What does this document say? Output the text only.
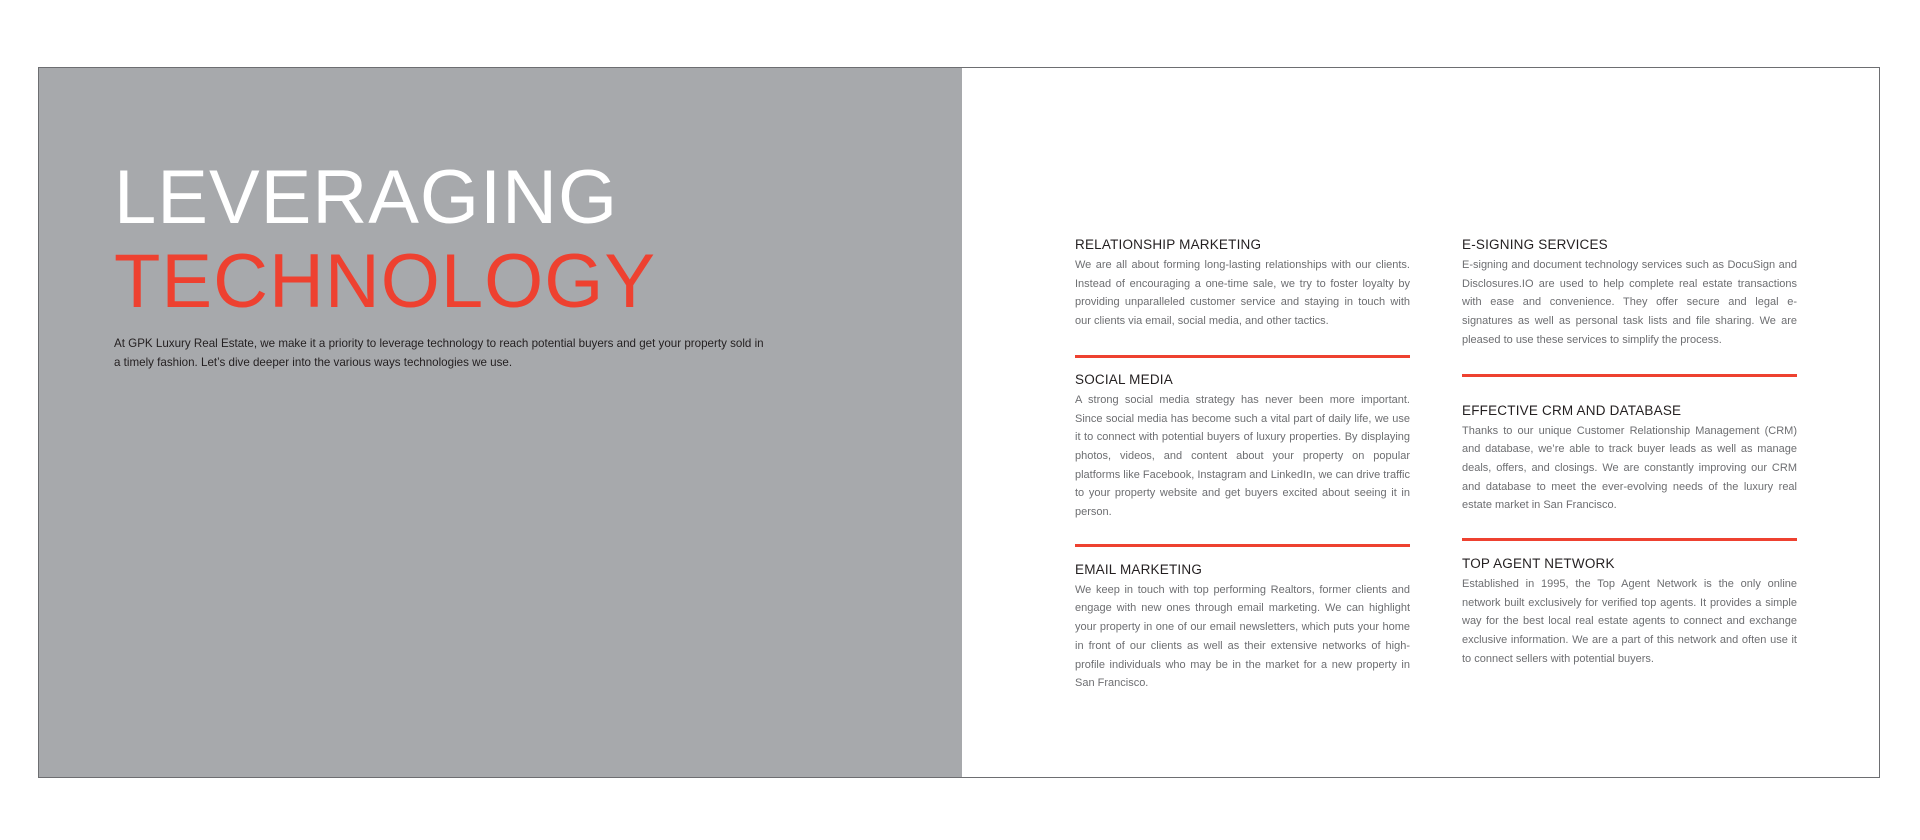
LEVERAGING
TECHNOLOGY

At GPK Luxury Real Estate, we make it a priority to leverage technology to reach potential buyers and get your property sold in a timely fashion. Let’s dive deeper into the various ways technologies we use.

RELATIONSHIP MARKETING

We are all about forming long-lasting relationships with our clients. Instead of encouraging a one-time sale, we try to foster loyalty by providing unparalleled customer service and staying in touch with our clients via email, social media, and other tactics.

SOCIAL MEDIA

A strong social media strategy has never been more important. Since social media has become such a vital part of daily life, we use it to connect with potential buyers of luxury properties. By displaying photos, videos, and content about your property on popular platforms like Facebook, Instagram and LinkedIn, we can drive traffic to your property website and get buyers excited about seeing it in person.

EMAIL MARKETING

We keep in touch with top performing Realtors, former clients and engage with new ones through email marketing. We can highlight your property in one of our email newsletters, which puts your home in front of our clients as well as their extensive networks of high-profile individuals who may be in the market for a new property in San Francisco.

E-SIGNING SERVICES

E-signing and document technology services such as DocuSign and Disclosures.IO are used to help complete real estate transactions with ease and convenience. They offer secure and legal e-signatures as well as personal task lists and file sharing. We are pleased to use these services to simplify the process.

EFFECTIVE CRM AND DATABASE

Thanks to our unique Customer Relationship Management (CRM) and database, we’re able to track buyer leads as well as manage deals, offers, and closings. We are constantly improving our CRM and database to meet the ever-evolving needs of the luxury real estate market in San Francisco.

TOP AGENT NETWORK

Established in 1995, the Top Agent Network is the only online network built exclusively for verified top agents. It provides a simple way for the best local real estate agents to connect and exchange exclusive information. We are a part of this network and often use it to connect sellers with potential buyers.
